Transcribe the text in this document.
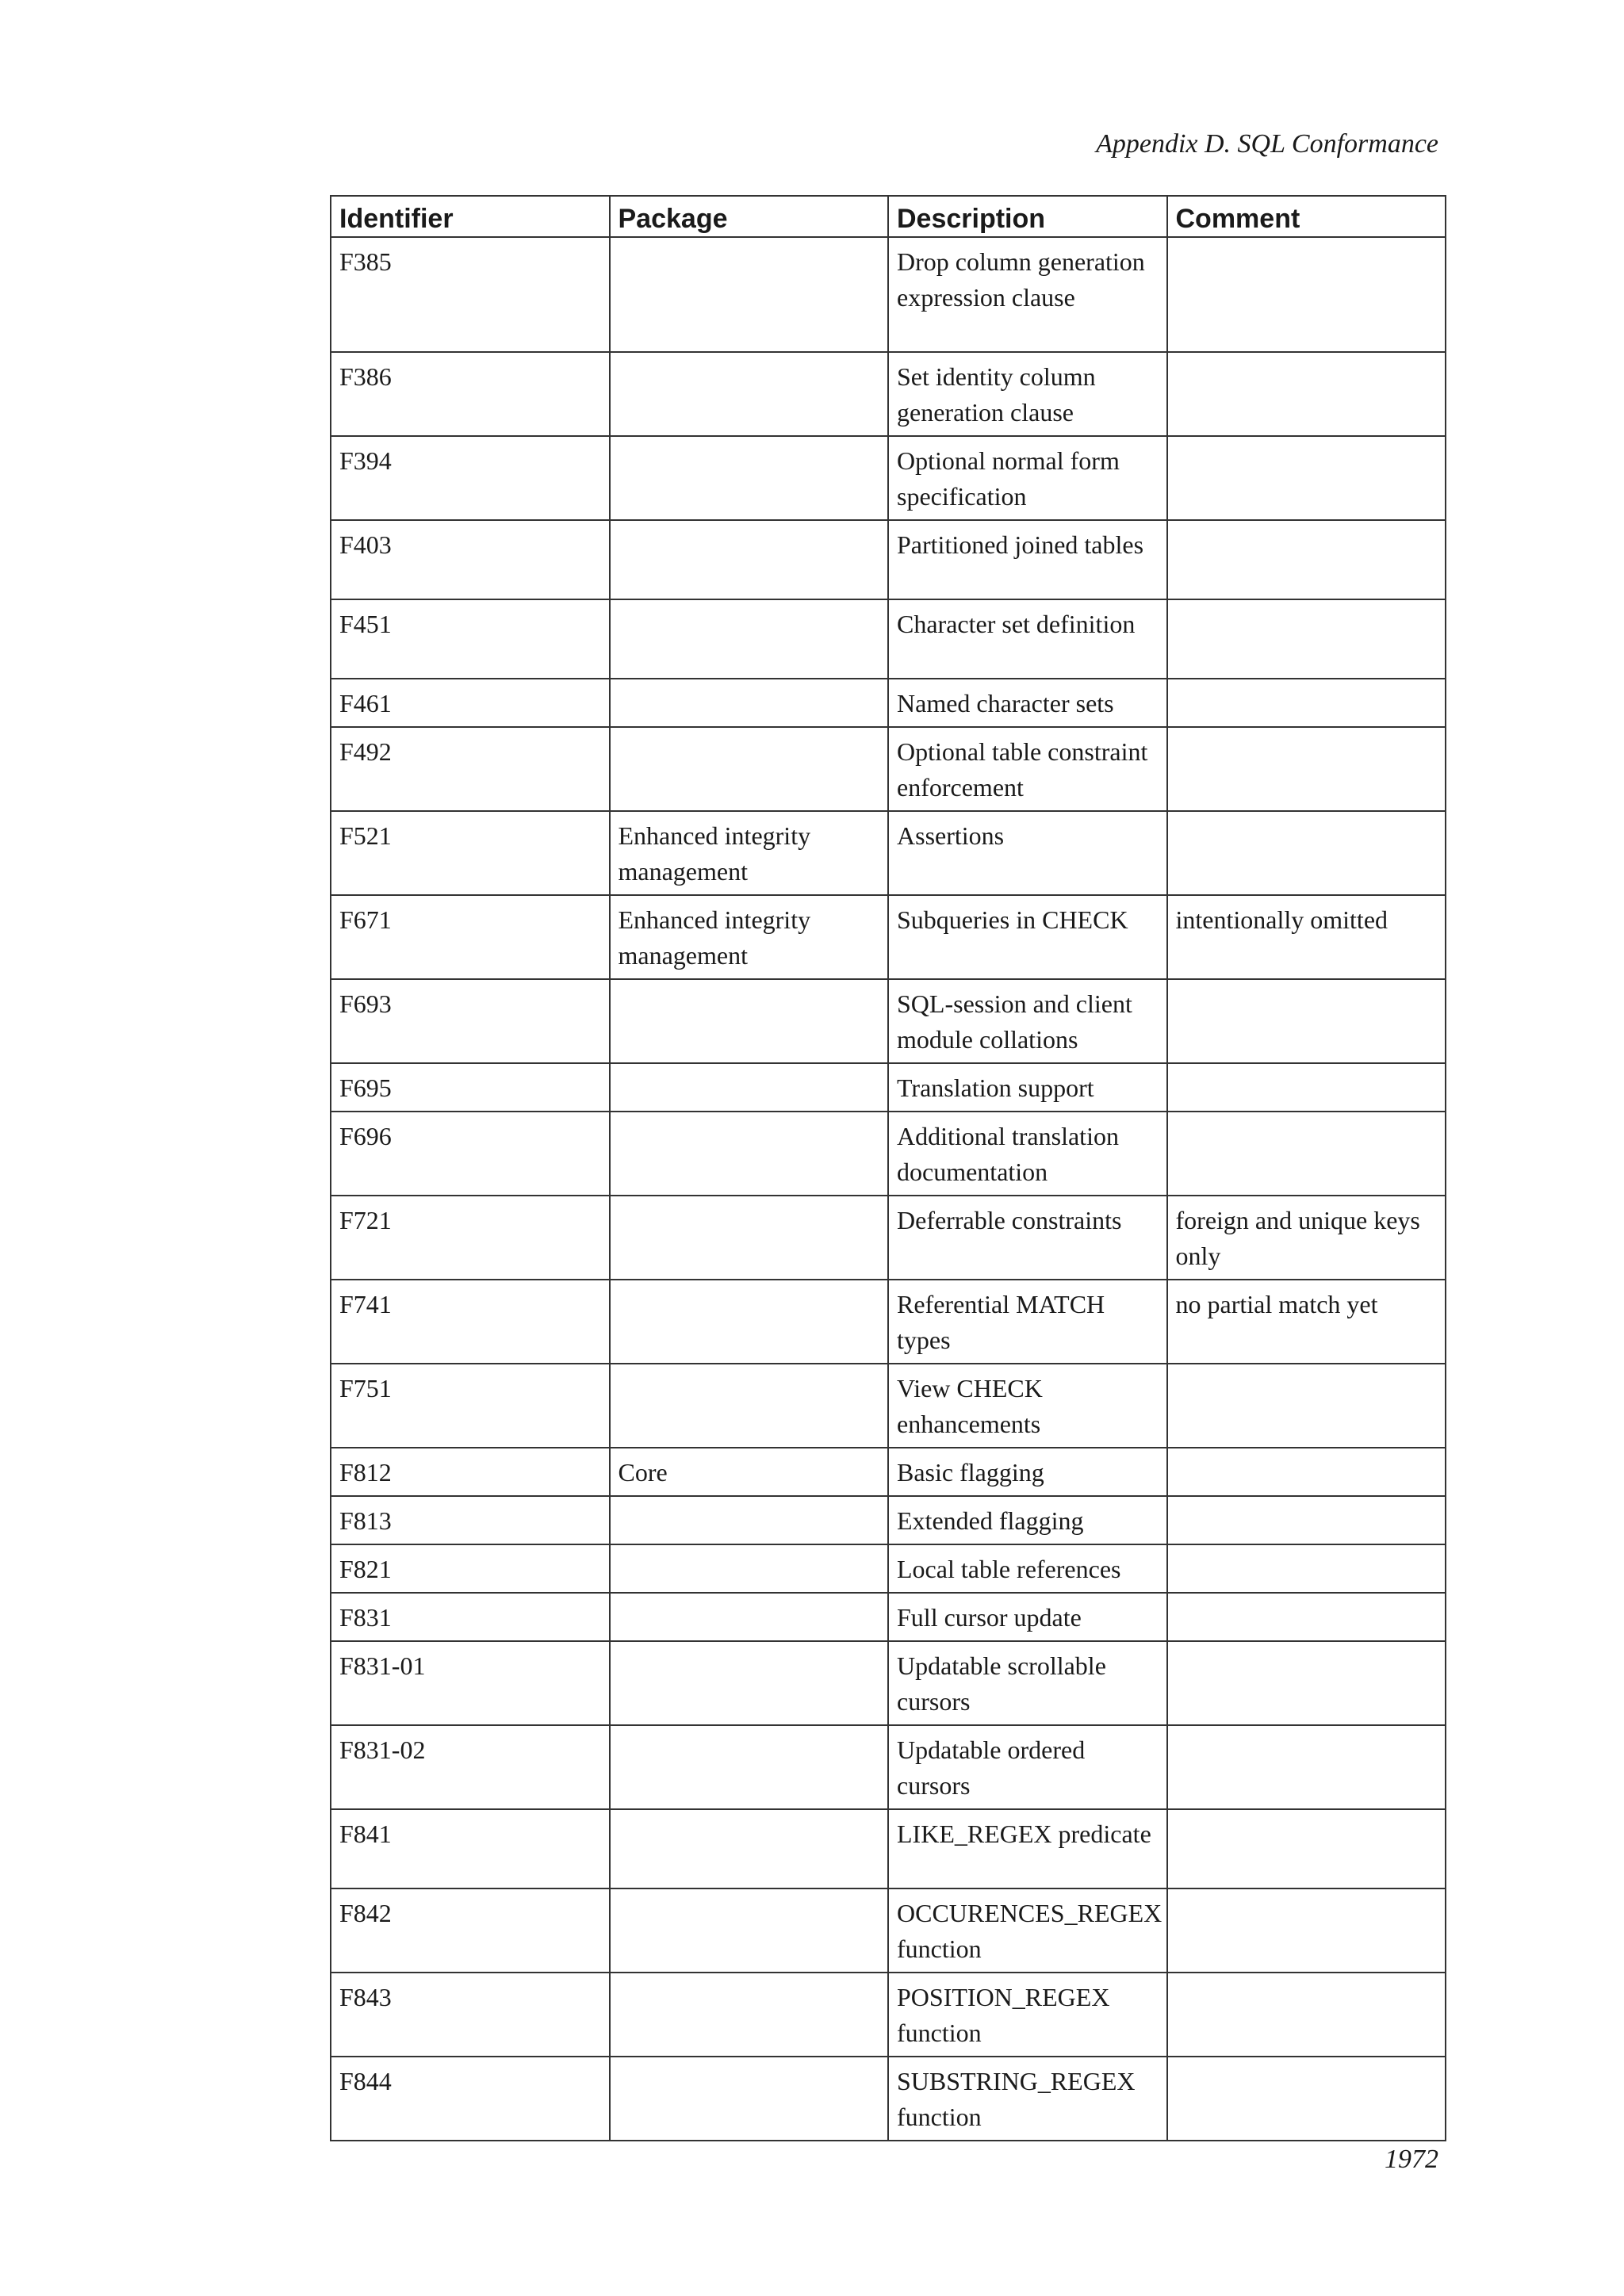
Appendix D. SQL Conformance
Identifier	Package	Description	Comment
F385		Drop column generation expression clause	
F386		Set identity column generation clause	
F394		Optional normal form specification	
F403		Partitioned joined tables	
F451		Character set definition	
F461		Named character sets	
F492		Optional table constraint enforcement	
F521	Enhanced integrity management	Assertions	
F671	Enhanced integrity management	Subqueries in CHECK	intentionally omitted
F693		SQL-session and client module collations	
F695		Translation support	
F696		Additional translation documentation	
F721		Deferrable constraints	foreign and unique keys only
F741		Referential MATCH types	no partial match yet
F751		View CHECK enhancements	
F812	Core	Basic flagging	
F813		Extended flagging	
F821		Local table references	
F831		Full cursor update	
F831-01		Updatable scrollable cursors	
F831-02		Updatable ordered cursors	
F841		LIKE_REGEX predicate	
F842		OCCURENCES_REGEX function	
F843		POSITION_REGEX function	
F844		SUBSTRING_REGEX function	
1972
